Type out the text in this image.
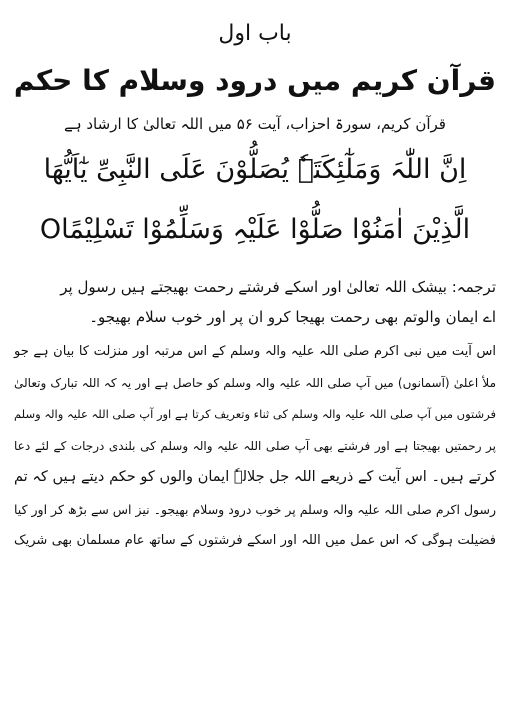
باب اول
قرآن کریم میں درود وسلام کا حکم
قرآن کریم، سورۃ احزاب، آیت ۵۶ میں اللہ تعالیٰ کا ارشاد ہے
اِنَّ اللّٰہَ وَمَلٰٓئِکَتَہٗ یُصَلُّوْنَ عَلَی النَّبِیِّ یٰٓاَیُّھَا
الَّذِیْنَ اٰمَنُوْا صَلُّوْا عَلَیْہِ وَسَلِّمُوْا تَسْلِیْمًاO
ترجمہ: بیشک اللہ تعالیٰ اور اسکے فرشتے رحمت بھیجتے ہیں رسول پر
اے ایمان والوتم بھی رحمت بھیجا کرو ان پر اور خوب سلام بھیجو۔
اس آیت میں نبی اکرم صلی اللہ علیہ والہ وسلم کے اس مرتبہ اور منزلت کا بیان ہے جو
ملأ اعلیٰ (آسمانوں) میں آپ صلی اللہ علیہ والہ وسلم کو حاصل ہے اور یہ کہ اللہ تبارک وتعالیٰ
فرشتوں میں آپ صلی اللہ علیہ والہ وسلم کی ثناء وتعریف کرتا ہے اور آپ صلی اللہ علیہ والہ وسلم
پر رحمتیں بھیجتا ہے اور فرشتے بھی آپ صلی اللہ علیہ والہ وسلم کی بلندی درجات کے لئے دعا
کرتے ہیں۔ اس آیت کے ذریعے اللہ جل جلالہٗ ایمان والوں کو حکم دیتے ہیں کہ تم
رسول اکرم صلی اللہ علیہ والہ وسلم پر خوب درود وسلام بھیجو۔ نیز اس سے بڑھ کر اور کیا
فضیلت ہوگی کہ اس عمل میں اللہ اور اسکے فرشتوں کے ساتھ عام مسلمان بھی شریک
